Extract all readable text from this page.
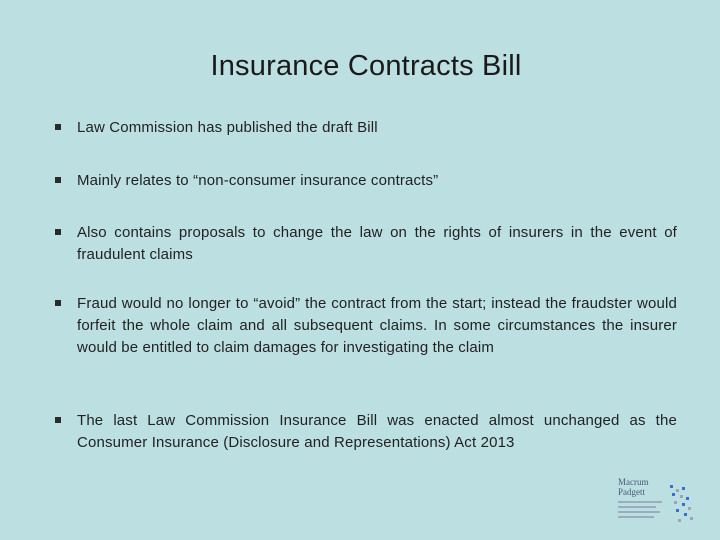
Insurance Contracts Bill
Law Commission has published the draft Bill
Mainly relates to “non-consumer insurance contracts”
Also contains proposals to change the law on the rights of insurers in the event of fraudulent claims
Fraud would no longer to “avoid” the contract from the start; instead the fraudster would forfeit the whole claim and all subsequent claims. In some circumstances the insurer would be entitled to claim damages for investigating the claim
The last Law Commission Insurance Bill was enacted almost unchanged as the Consumer Insurance (Disclosure and Representations) Act 2013
Macrum
Padgett
